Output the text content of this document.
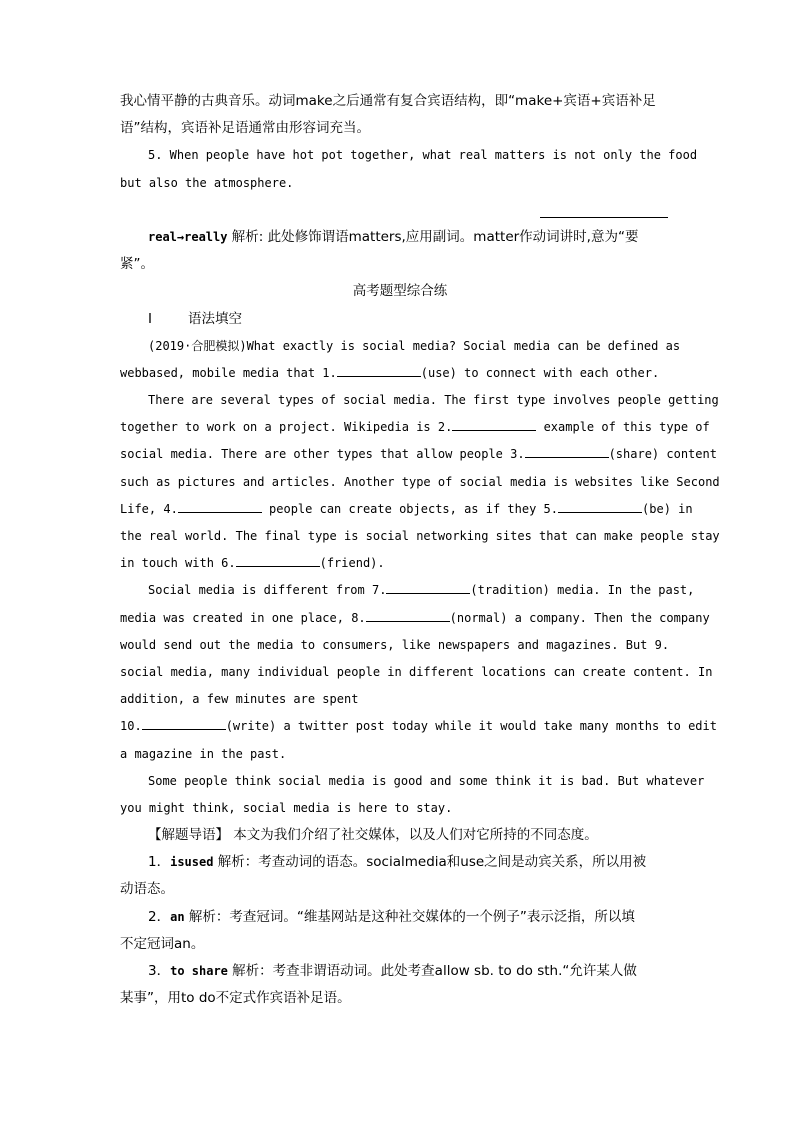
我心情平静的古典音乐。动词make之后通常有复合宾语结构，即“make+宾语+宾语补足
语”结构，宾语补足语通常由形容词充当。
5. When people have hot pot together, what real matters is not only the food
but also the atmosphere.
real→really 解析: 此处修饰谓语matters,应用副词。matter作动词讲时,意为“要
紧”。
高考题型综合练
Ⅰ	语法填空
(2019·合肥模拟)What exactly is social media? Social media can be defined as
webbased, mobile media that 1.	(use) to connect with each other.
There are several types of social media. The first type involves people getting
together to work on a project. Wikipedia is 2.	example of this type of
social media. There are other types that allow people 3.	(share) content
such as pictures and articles. Another type of social media is websites like Second
Life, 4.	people can create objects, as if they 5.	(be) in
the real world. The final type is social networking sites that can make people stay
in touch with 6.	(friend).
Social media is different from 7.	(tradition) media. In the past,
media was created in one place, 8.	(normal) a company. Then the company
would send out the media to consumers, like newspapers and magazines. But 9.
social media, many individual people in different locations can create content. In
addition, a few minutes are spent
10.	(write) a twitter post today while it would take many months to edit
a magazine in the past.
Some people think social media is good and some think it is bad. But whatever
you might think, social media is here to stay.
【解题导语】 本文为我们介绍了社交媒体，以及人们对它所持的不同态度。
1．isused 解析：考查动词的语态。socialmedia和use之间是动宾关系，所以用被
动语态。
2．an 解析：考查冠词。“维基网站是这种社交媒体的一个例子”表示泛指，所以填
不定冠词an。
3．to share 解析：考查非谓语动词。此处考查allow sb. to do sth.“允许某人做
某事”，用to do不定式作宾语补足语。
